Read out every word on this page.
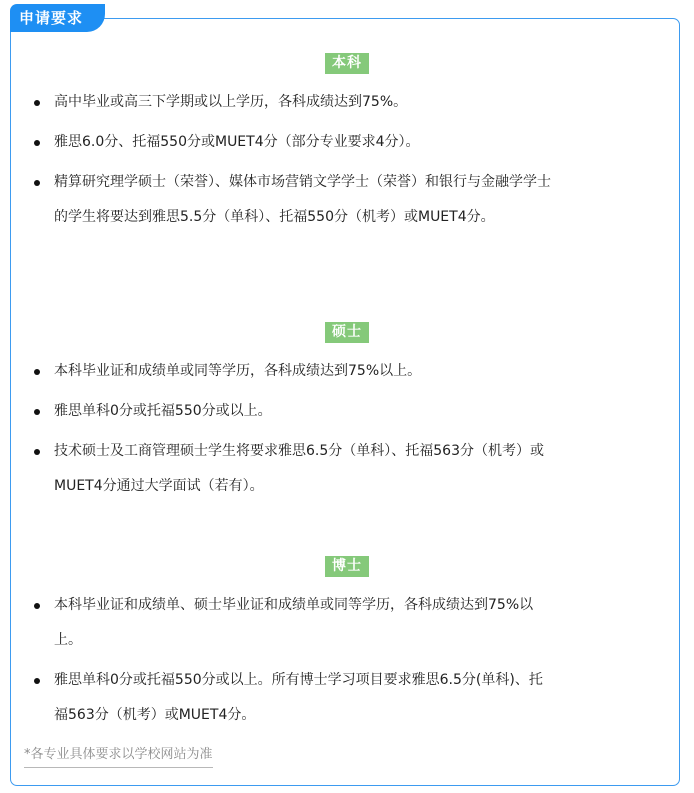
申请要求
本科
高中毕业或高三下学期或以上学历，各科成绩达到75%。
雅思6.0分、托福550分或MUET4分（部分专业要求4分）。
精算研究理学硕士（荣誉）、媒体市场营销文学学士（荣誉）和银行与金融学学士的学生将要达到雅思5.5分（单科）、托福550分（机考）或MUET4分。
硕士
本科毕业证和成绩单或同等学历，各科成绩达到75%以上。
雅思单科0分或托福550分或以上。
技术硕士及工商管理硕士学生将要求雅思6.5分（单科）、托福563分（机考）或MUET4分通过大学面试（若有）。
博士
本科毕业证和成绩单、硕士毕业证和成绩单或同等学历，各科成绩达到75%以上。
雅思单科0分或托福550分或以上。所有博士学习项目要求雅思6.5分(单科)、托福563分（机考）或MUET4分。
*各专业具体要求以学校网站为准
